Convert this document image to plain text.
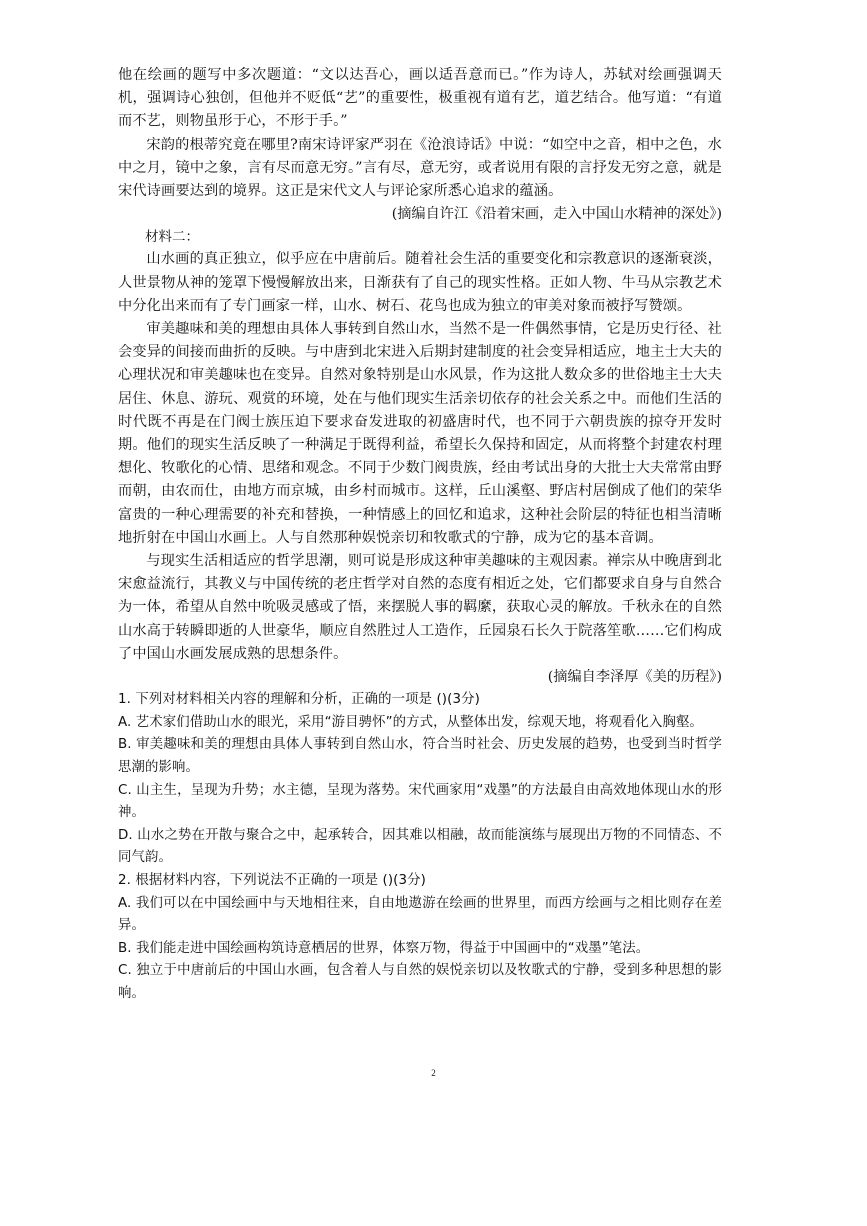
他在绘画的题写中多次题道：“文以达吾心，画以适吾意而已。”作为诗人，苏轼对绘画强调天机，强调诗心独创，但他并不贬低“艺”的重要性，极重视有道有艺，道艺结合。他写道：“有道而不艺，则物虽形于心，不形于手。”

宋韵的根蒂究竟在哪里?南宋诗评家严羽在《沧浪诗话》中说：“如空中之音，相中之色，水中之月，镜中之象，言有尽而意无穷。”言有尽，意无穷，或者说用有限的言抒发无穷之意，就是宋代诗画要达到的境界。这正是宋代文人与评论家所悉心追求的蕴涵。

(摘编自许江《沿着宋画，走入中国山水精神的深处》)

材料二：

山水画的真正独立，似乎应在中唐前后。随着社会生活的重要变化和宗教意识的逐渐衰淡，人世景物从神的笼罩下慢慢解放出来，日渐获有了自己的现实性格。正如人物、牛马从宗教艺术中分化出来而有了专门画家一样，山水、树石、花鸟也成为独立的审美对象而被抒写赞颂。

审美趣味和美的理想由具体人事转到自然山水，当然不是一件偶然事情，它是历史行径、社会变异的间接而曲折的反映。与中唐到北宋进入后期封建制度的社会变异相适应，地主士大夫的心理状况和审美趣味也在变异。自然对象特别是山水风景，作为这批人数众多的世俗地主士大夫居住、休息、游玩、观赏的环境，处在与他们现实生活亲切依存的社会关系之中。而他们生活的时代既不再是在门阀士族压迫下要求奋发进取的初盛唐时代，也不同于六朝贵族的掠夺开发时期。他们的现实生活反映了一种满足于既得利益，希望长久保持和固定，从而将整个封建农村理想化、牧歌化的心情、思绪和观念。不同于少数门阀贵族，经由考试出身的大批士大夫常常由野而朝，由农而仕，由地方而京城，由乡村而城市。这样，丘山溪壑、野店村居倒成了他们的荣华富贵的一种心理需要的补充和替换，一种情感上的回忆和追求，这种社会阶层的特征也相当清晰地折射在中国山水画上。人与自然那种娱悦亲切和牧歌式的宁静，成为它的基本音调。

与现实生活相适应的哲学思潮，则可说是形成这种审美趣味的主观因素。禅宗从中晚唐到北宋愈益流行，其教义与中国传统的老庄哲学对自然的态度有相近之处，它们都要求自身与自然合为一体，希望从自然中吮吸灵感或了悟，来摆脱人事的羁縻，获取心灵的解放。千秋永在的自然山水高于转瞬即逝的人世豪华，顺应自然胜过人工造作，丘园泉石长久于院落笙歌……它们构成了中国山水画发展成熟的思想条件。

(摘编自李泽厚《美的历程》)

1. 下列对材料相关内容的理解和分析，正确的一项是 ()(3分)

A. 艺术家们借助山水的眼光，采用“游目骋怀”的方式，从整体出发，综观天地，将观看化入胸壑。

B. 审美趣味和美的理想由具体人事转到自然山水，符合当时社会、历史发展的趋势，也受到当时哲学思潮的影响。

C. 山主生，呈现为升势；水主德，呈现为落势。宋代画家用“戏墨”的方法最自由高效地体现山水的形神。

D. 山水之势在开散与聚合之中，起承转合，因其难以相融，故而能演练与展现出万物的不同情态、不同气韵。

2. 根据材料内容，下列说法不正确的一项是 ()(3分)

A. 我们可以在中国绘画中与天地相往来，自由地遨游在绘画的世界里，而西方绘画与之相比则存在差异。

B. 我们能走进中国绘画构筑诗意栖居的世界，体察万物，得益于中国画中的“戏墨”笔法。

C. 独立于中唐前后的中国山水画，包含着人与自然的娱悦亲切以及牧歌式的宁静，受到多种思想的影响。

2
